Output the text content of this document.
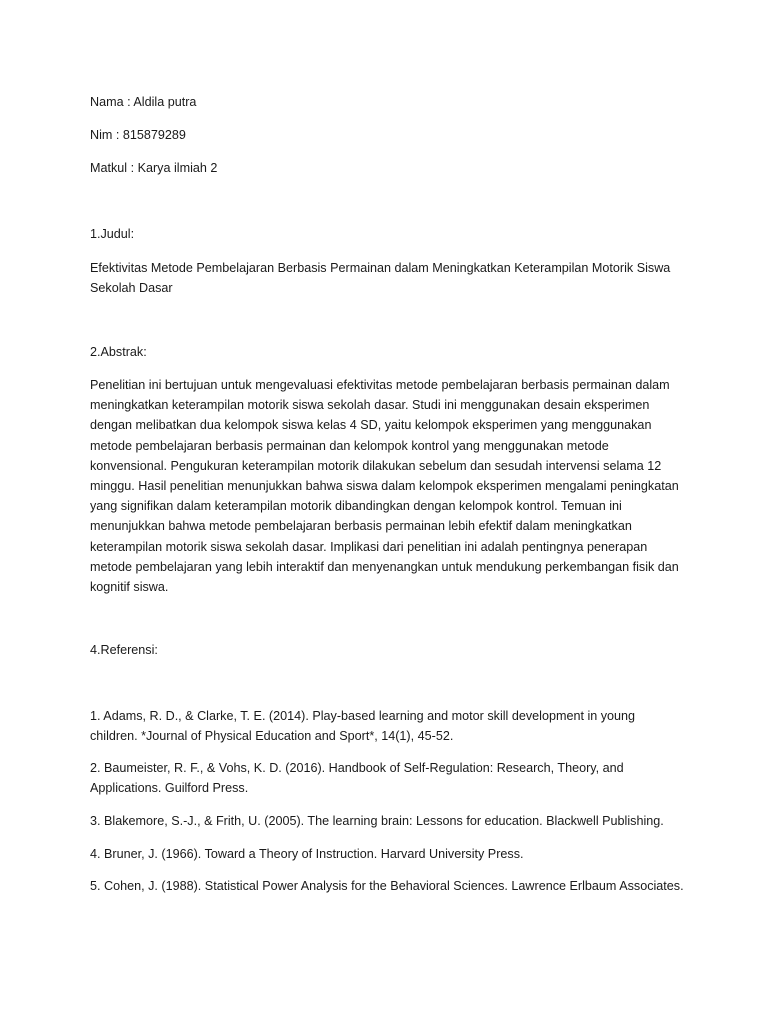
Nama : Aldila putra
Nim : 815879289
Matkul : Karya ilmiah 2
1.Judul:
Efektivitas Metode Pembelajaran Berbasis Permainan dalam Meningkatkan Keterampilan Motorik Siswa Sekolah Dasar
2.Abstrak:
Penelitian ini bertujuan untuk mengevaluasi efektivitas metode pembelajaran berbasis permainan dalam meningkatkan keterampilan motorik siswa sekolah dasar. Studi ini menggunakan desain eksperimen dengan melibatkan dua kelompok siswa kelas 4 SD, yaitu kelompok eksperimen yang menggunakan metode pembelajaran berbasis permainan dan kelompok kontrol yang menggunakan metode konvensional. Pengukuran keterampilan motorik dilakukan sebelum dan sesudah intervensi selama 12 minggu. Hasil penelitian menunjukkan bahwa siswa dalam kelompok eksperimen mengalami peningkatan yang signifikan dalam keterampilan motorik dibandingkan dengan kelompok kontrol. Temuan ini menunjukkan bahwa metode pembelajaran berbasis permainan lebih efektif dalam meningkatkan keterampilan motorik siswa sekolah dasar. Implikasi dari penelitian ini adalah pentingnya penerapan metode pembelajaran yang lebih interaktif dan menyenangkan untuk mendukung perkembangan fisik dan kognitif siswa.
4.Referensi:
1. Adams, R. D., & Clarke, T. E. (2014). Play-based learning and motor skill development in young children. *Journal of Physical Education and Sport*, 14(1), 45-52.
2. Baumeister, R. F., & Vohs, K. D. (2016). Handbook of Self-Regulation: Research, Theory, and Applications. Guilford Press.
3. Blakemore, S.-J., & Frith, U. (2005). The learning brain: Lessons for education. Blackwell Publishing.
4. Bruner, J. (1966). Toward a Theory of Instruction. Harvard University Press.
5. Cohen, J. (1988). Statistical Power Analysis for the Behavioral Sciences. Lawrence Erlbaum Associates.
